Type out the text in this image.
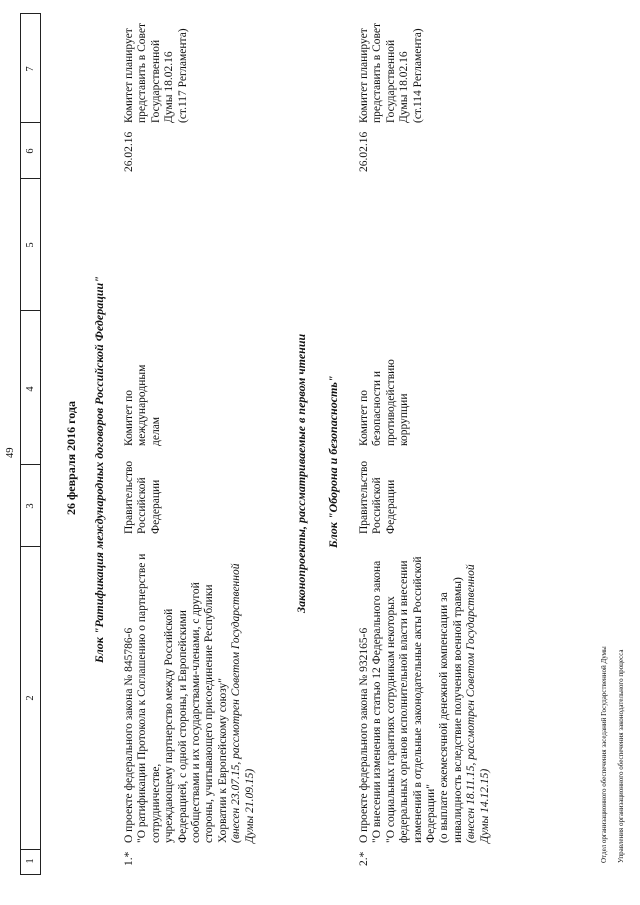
49
1
2
3
4
5
6
7
26 февраля 2016 года Блок "Ратификация международных договоров Российской Федерации"
1.*
О проекте федерального закона № 845786-6
"О ратификации Протокола к Соглашению о партнерстве и сотрудничестве,
учреждающему партнерство между Российской Федерацией, с одной стороны, и Европейскими сообществами и их государствами-членами, с другой стороны, учитывающего присоединение Республики Хорватии к Европейскому союзу" (внесен 23.07.15, рассмотрен Советом Государственной Думы 21.09.15)
Правительство
Российской
Федерации
Комитет по
международным
делам
26.02.16
Комитет планирует представить в Совет Государственной Думы 18.02.16
(ст.117 Регламента)
Законопроекты, рассматриваемые в первом чтении Блок "Оборона и безопасность"
2.*
О проекте федерального закона № 932165-6
"О внесении изменения в статью 12 Федерального закона "О социальных гарантиях сотрудникам некоторых федеральных органов исполнительной власти и внесении изменений в отдельные законодательные акты Российской Федерации"
(о выплате ежемесячной денежной компенсации за инвалидность вследствие получения военной травмы) (внесен 18.11.15, рассмотрен Советом Государственной Думы 14.12.15)
Правительство
Российской
Федерации
Комитет по
безопасности и
противодействию
коррупции
26.02.16
Комитет планирует представить в Совет Государственной Думы 18.02.16
(ст.114 Регламента)

Отдел организационного обеспечения заседаний Государственной Думы Управления организационного обеспечения законодательного процесса
